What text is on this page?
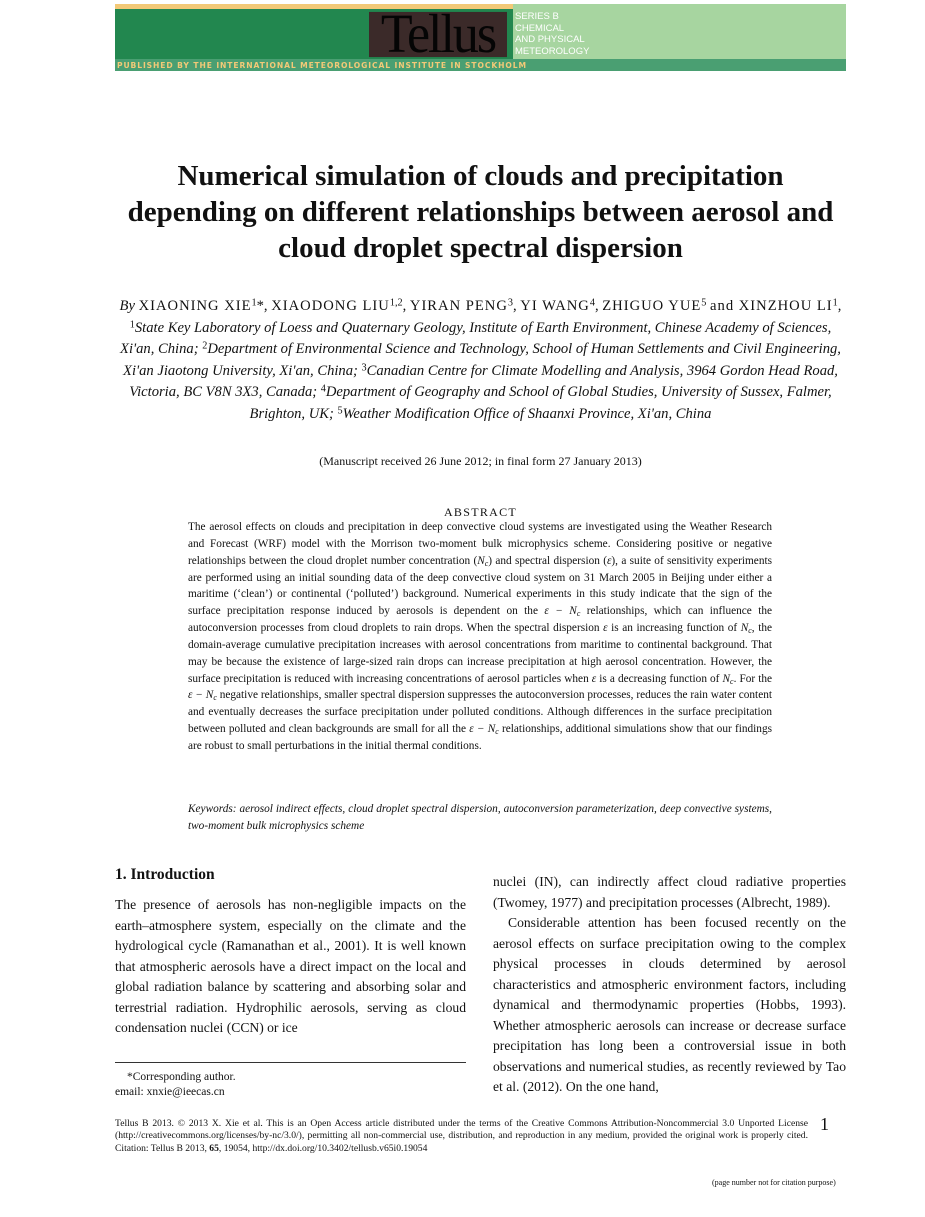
Tellus	SERIES B
CHEMICAL
AND PHYSICAL
METEOROLOGY
PUBLISHED BY THE INTERNATIONAL METEOROLOGICAL INSTITUTE IN STOCKHOLM
Numerical simulation of clouds and precipitation depending on different relationships between aerosol and cloud droplet spectral dispersion
By XIAONING XIE$^1$*, XIAODONG LIU$^{1,2}$, YIRAN PENG$^3$, YI WANG$^4$, ZHIGUO YUE$^5$ and XINZHOU $LI^1$, $^1$State Key Laboratory of Loess and Quaternary Geology, Institute of Earth Environment, Chinese Academy of Sciences, Xi'an, China; $^2$Department of Environmental Science and Technology, School of Human Settlements and Civil Engineering, Xi'an Jiaotong University, Xi'an, China; $^3$Canadian Centre for Climate Modelling and Analysis, 3964 Gordon Head Road, Victoria, BC V8N 3X3, Canada; $^4$Department of Geography and School of Global Studies, University of Sussex, Falmer, Brighton, UK; $^5$Weather Modification Office of Shaanxi Province, Xi'an, China
(Manuscript received 26 June 2012; in final form 27 January 2013)
ABSTRACT
The aerosol effects on clouds and precipitation in deep convective cloud systems are investigated using the Weather Research and Forecast (WRF) model with the Morrison two-moment bulk microphysics scheme. Considering positive or negative relationships between the cloud droplet number concentration $(N_c)$ and spectral dispersion (ε), a suite of sensitivity experiments are performed using an initial sounding data of the deep convective cloud system on 31 March 2005 in Beijing under either a maritime (‘clean’) or continental (‘polluted’) background. Numerical experiments in this study indicate that the sign of the surface precipitation response induced by aerosols is dependent on the $\varepsilon - N_c$ relationships, which can influence the autoconversion processes from cloud droplets to rain drops. When the spectral dispersion ε is an increasing function of $N_c$, the domain-average cumulative precipitation increases with aerosol concentrations from maritime to continental background. That may be because the existence of large-sized rain drops can increase precipitation at high aerosol concentration. However, the surface precipitation is reduced with increasing concentrations of aerosol particles when ε is a decreasing function of $N_c$. For the $\varepsilon - N_c$ negative relationships, smaller spectral dispersion suppresses the autoconversion processes, reduces the rain water content and eventually decreases the surface precipitation under polluted conditions. Although differences in the surface precipitation between polluted and clean backgrounds are small for all the $\varepsilon - N_c$ relationships, additional simulations show that our findings are robust to small perturbations in the initial thermal conditions.
Keywords: aerosol indirect effects, cloud droplet spectral dispersion, autoconversion parameterization, deep convective systems, two-moment bulk microphysics scheme
1. Introduction
The presence of aerosols has non-negligible impacts on the earth–atmosphere system, especially on the climate and the hydrological cycle (Ramanathan et al., 2001). It is well known that atmospheric aerosols have a direct impact on the local and global radiation balance by scattering and absorbing solar and terrestrial radiation. Hydrophilic aerosols, serving as cloud condensation nuclei (CCN) or ice

nuclei (IN), can indirectly affect cloud radiative properties (Twomey, 1977) and precipitation processes (Albrecht, 1989).

Considerable attention has been focused recently on the aerosol effects on surface precipitation owing to the complex physical processes in clouds determined by aerosol characteristics and atmospheric environment factors, including dynamical and thermodynamic properties (Hobbs, 1993). Whether atmospheric aerosols can increase or decrease surface precipitation has long been a controversial issue in both observations and numerical studies, as recently reviewed by Tao et al. (2012). On the one hand,

*Corresponding author.
email: xnxie@ieecas.cn
Tellus B 2013. © 2013 X. Xie et al. This is an Open Access article distributed under the terms of the Creative Commons Attribution-Noncommercial 3.0 Unported License (http://creativecommons.org/licenses/by-nc/3.0/), permitting all non-commercial use, distribution, and reproduction in any medium, provided the original work is properly cited. Citation: Tellus B 2013, 65, 19054, http://dx.doi.org/10.3402/tellusb.v65i0.19054
1
(page number not for citation purpose)
